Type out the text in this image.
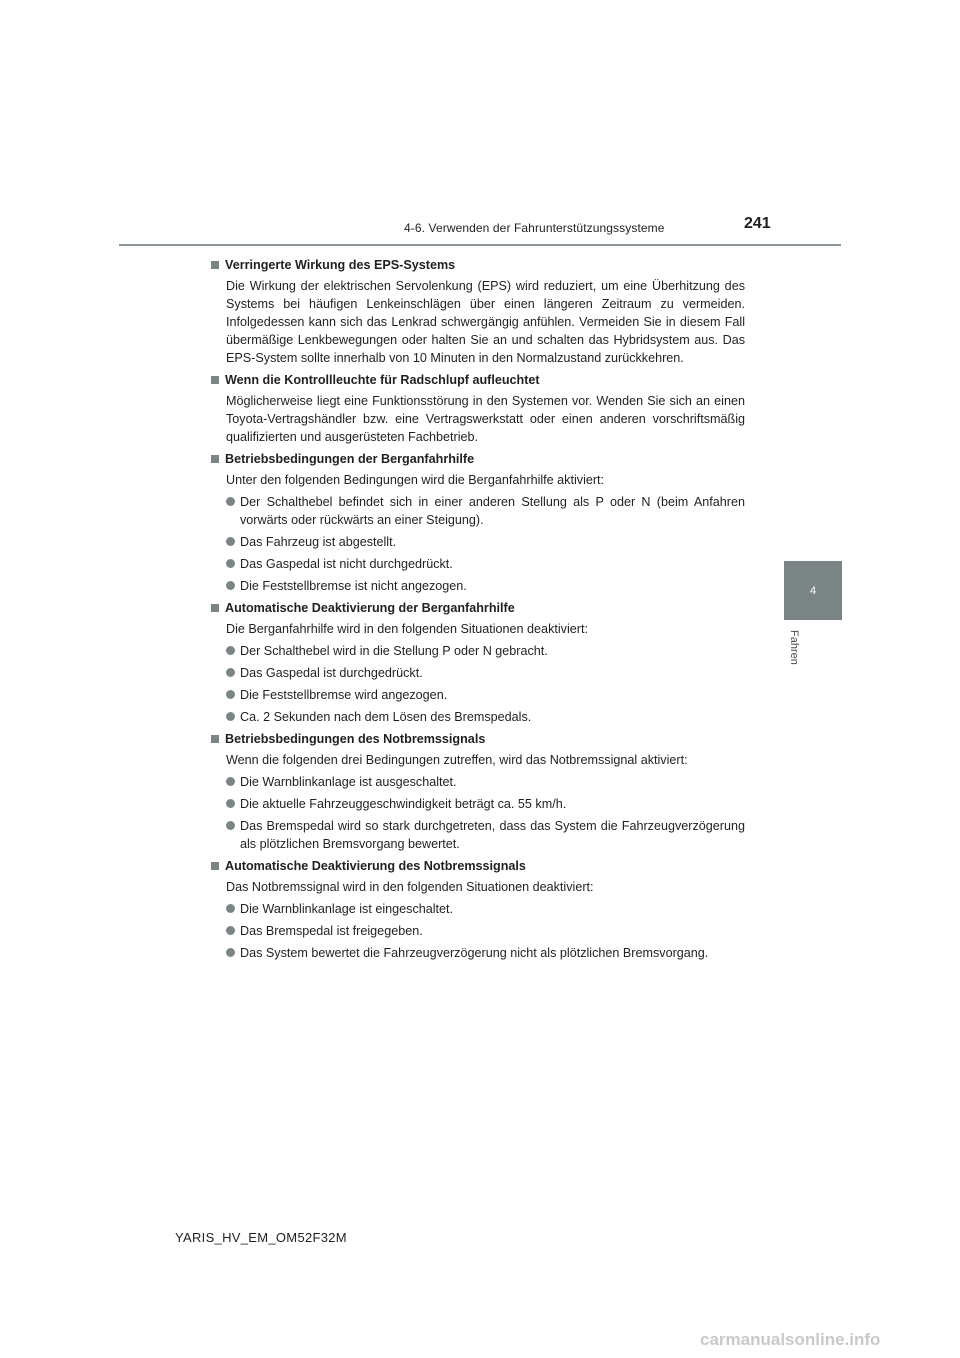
4-6. Verwenden der Fahrunterstützungssysteme	241
4
Fahren
Verringerte Wirkung des EPS-Systems
Die Wirkung der elektrischen Servolenkung (EPS) wird reduziert, um eine Überhitzung des Systems bei häufigen Lenkeinschlägen über einen längeren Zeitraum zu vermeiden. Infolgedessen kann sich das Lenkrad schwergängig anfühlen. Vermeiden Sie in diesem Fall übermäßige Lenkbewegungen oder halten Sie an und schalten das Hybridsystem aus. Das EPS-System sollte innerhalb von 10 Minuten in den Normalzustand zurückkehren.
Wenn die Kontrollleuchte für Radschlupf aufleuchtet
Möglicherweise liegt eine Funktionsstörung in den Systemen vor. Wenden Sie sich an einen Toyota-Vertragshändler bzw. eine Vertragswerkstatt oder einen anderen vorschriftsmäßig qualifizierten und ausgerüsteten Fachbetrieb.
Betriebsbedingungen der Berganfahrhilfe
Unter den folgenden Bedingungen wird die Berganfahrhilfe aktiviert:
Der Schalthebel befindet sich in einer anderen Stellung als P oder N (beim Anfahren vorwärts oder rückwärts an einer Steigung).
Das Fahrzeug ist abgestellt.
Das Gaspedal ist nicht durchgedrückt.
Die Feststellbremse ist nicht angezogen.
Automatische Deaktivierung der Berganfahrhilfe
Die Berganfahrhilfe wird in den folgenden Situationen deaktiviert:
Der Schalthebel wird in die Stellung P oder N gebracht.
Das Gaspedal ist durchgedrückt.
Die Feststellbremse wird angezogen.
Ca. 2 Sekunden nach dem Lösen des Bremspedals.
Betriebsbedingungen des Notbremssignals
Wenn die folgenden drei Bedingungen zutreffen, wird das Notbremssignal aktiviert:
Die Warnblinkanlage ist ausgeschaltet.
Die aktuelle Fahrzeuggeschwindigkeit beträgt ca. 55 km/h.
Das Bremspedal wird so stark durchgetreten, dass das System die Fahrzeugverzögerung als plötzlichen Bremsvorgang bewertet.
Automatische Deaktivierung des Notbremssignals
Das Notbremssignal wird in den folgenden Situationen deaktiviert:
Die Warnblinkanlage ist eingeschaltet.
Das Bremspedal ist freigegeben.
Das System bewertet die Fahrzeugverzögerung nicht als plötzlichen Bremsvorgang.
YARIS_HV_EM_OM52F32M
carmanualsonline.info
